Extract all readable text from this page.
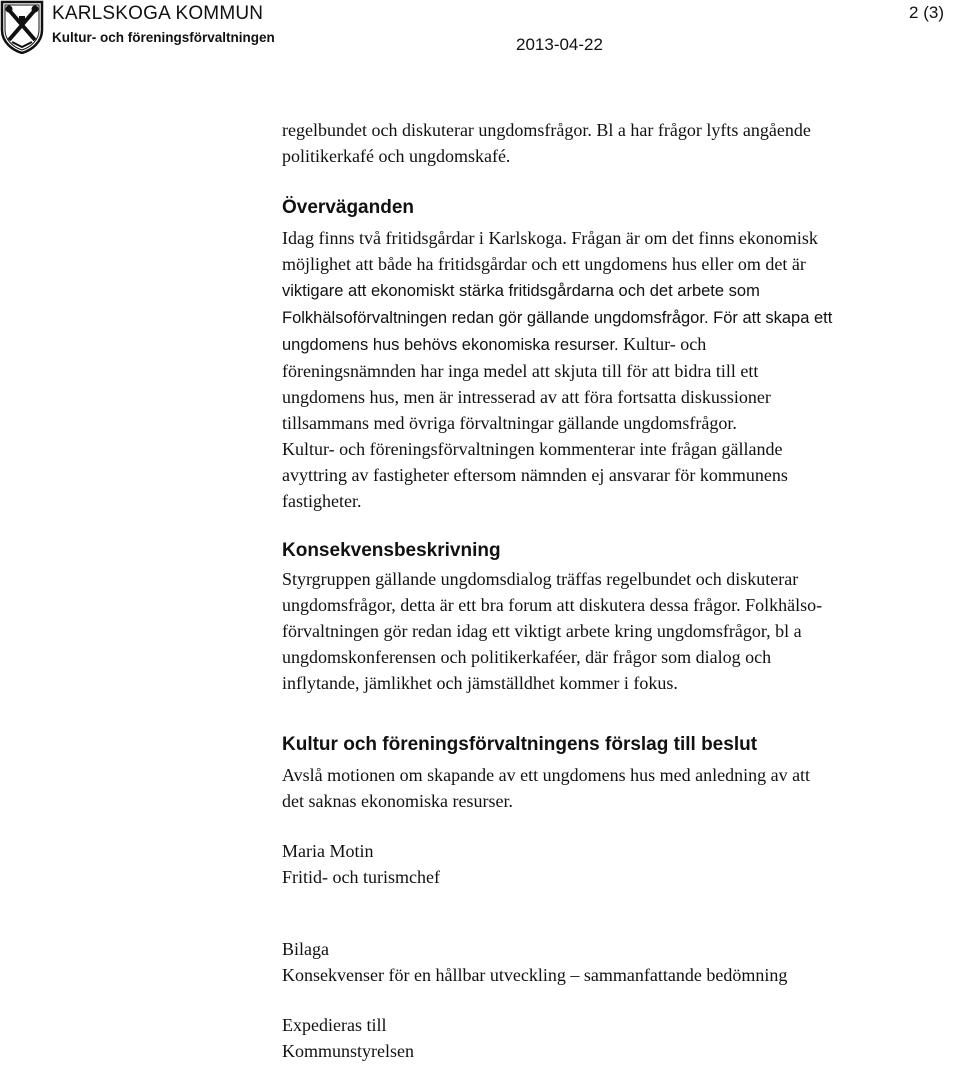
KARLSKOGA KOMMUN
Kultur- och föreningsförvaltningen	2013-04-22
2 (3)

regelbundet och diskuterar ungdomsfrågor. Bl a har frågor lyfts angående
politikerkafé och ungdomskafé.

Överväganden

Idag finns två fritidsgårdar i Karlskoga. Frågan är om det finns ekonomisk
möjlighet att både ha fritidsgårdar och ett ungdomens hus eller om det är
viktigare att ekonomiskt stärka fritidsgårdarna och det arbete som
Folkhälsoförvaltningen redan gör gällande ungdomsfrågor. För att skapa ett
ungdomens hus behövs ekonomiska resurser. Kultur- och
föreningsnämnden har inga medel att skjuta till för att bidra till ett
ungdomens hus, men är intresserad av att föra fortsatta diskussioner
tillsammans med övriga förvaltningar gällande ungdomsfrågor.
Kultur- och föreningsförvaltningen kommenterar inte frågan gällande
avyttring av fastigheter eftersom nämnden ej ansvarar för kommunens
fastigheter.

Konsekvensbeskrivning

Styrgruppen gällande ungdomsdialog träffas regelbundet och diskuterar
ungdomsfrågor, detta är ett bra forum att diskutera dessa frågor. Folkhälso-
förvaltningen gör redan idag ett viktigt arbete kring ungdomsfrågor, bl a
ungdomskonferensen och politikerkaféer, där frågor som dialog och
inflytande, jämlikhet och jämställdhet kommer i fokus.

Kultur och föreningsförvaltningens förslag till beslut

Avslå motionen om skapande av ett ungdomens hus med anledning av att
det saknas ekonomiska resurser.

Maria Motin

Fritid- och turismchef

Bilaga

Konsekvenser för en hållbar utveckling – sammanfattande bedömning

Expedieras till

Kommunstyrelsen
